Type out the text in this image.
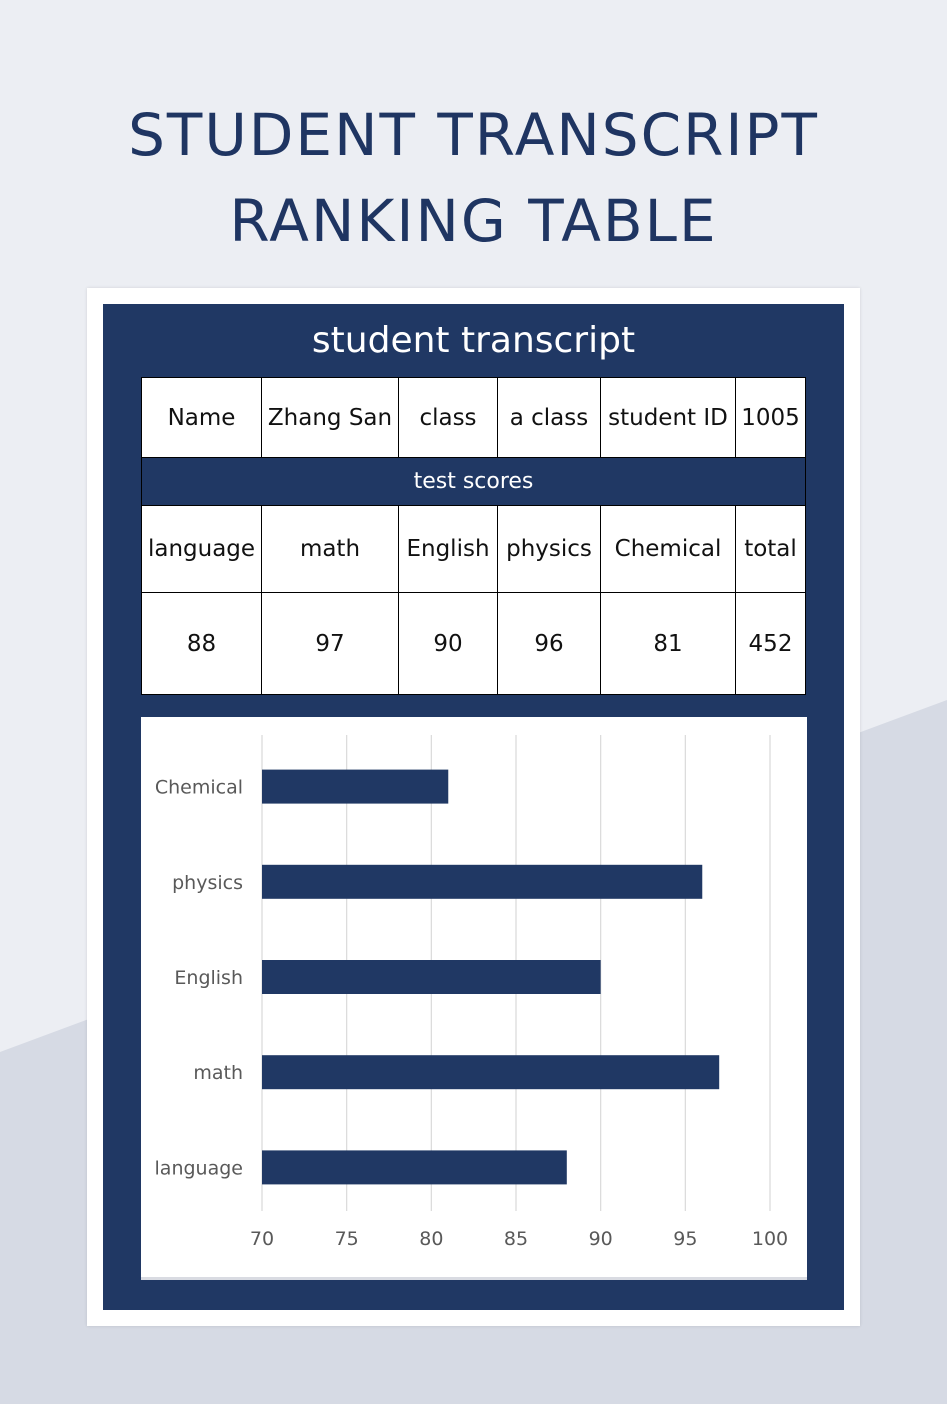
STUDENT TRANSCRIPT
RANKING TABLE
student transcript
Name	Zhang San	class	a class	student ID	1005
test scores					
language	math	English	physics	Chemical	total
88	97	90	96	81	452
70	75	80	85	90	95	100
Chemical
physics
English
math
language
